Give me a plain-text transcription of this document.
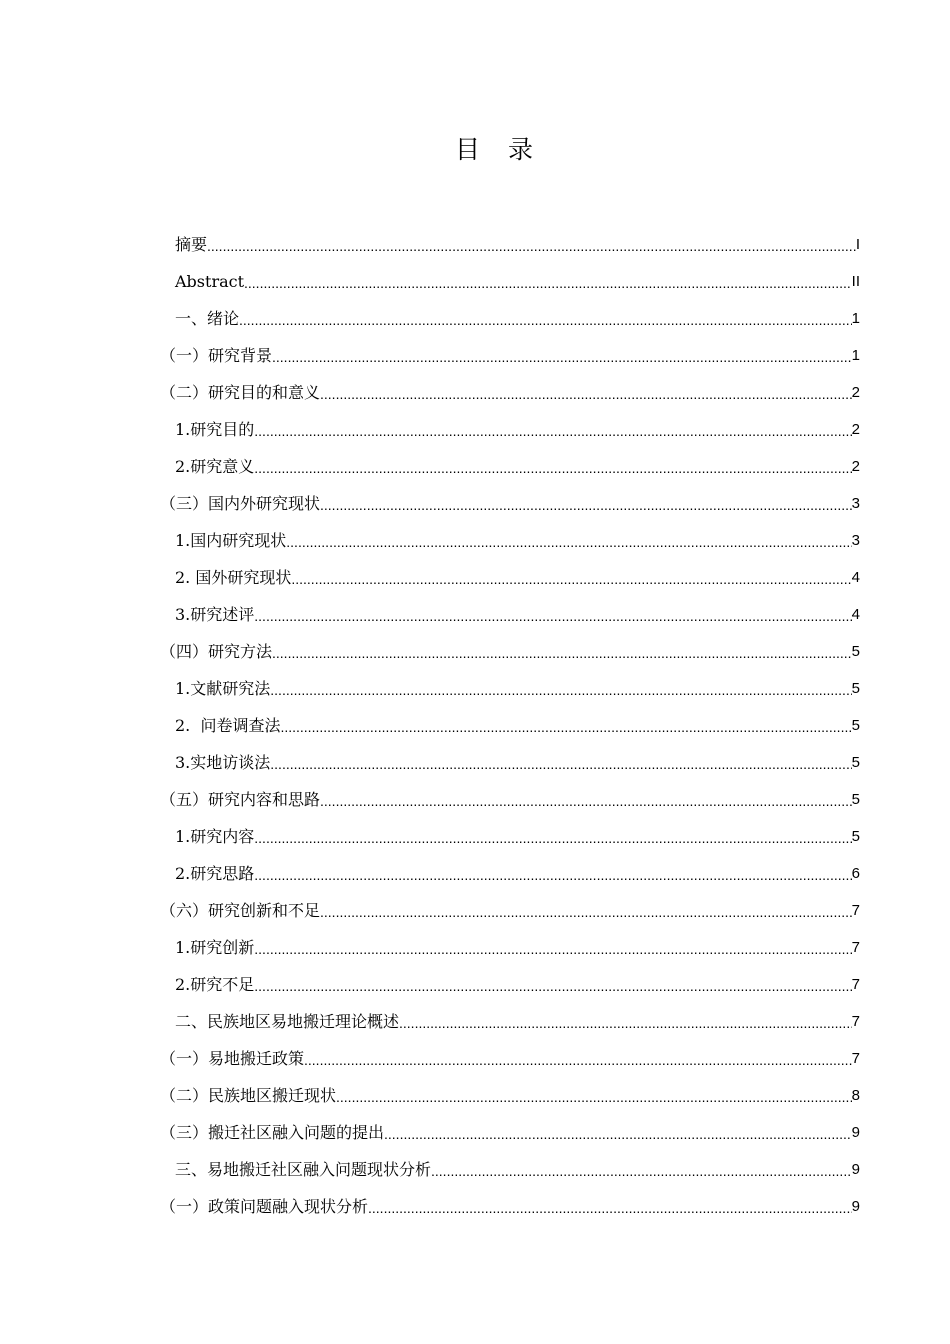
目 录
摘要 .....	I
Abstract .....	II
一、绪论 .....	1
（一）研究背景 .....	1
（二）研究目的和意义 .....	2
1.研究目的 .....	2
2.研究意义 .....	2
（三）国内外研究现状 .....	3
1.国内研究现状 .....	3
2. 国外研究现状 .....	4
3.研究述评 .....	4
（四）研究方法 .....	5
1.文献研究法 .....	5
2.  问卷调查法 .....	5
3.实地访谈法 .....	5
（五）研究内容和思路 .....	5
1.研究内容 .....	5
2.研究思路 .....	6
（六）研究创新和不足 .....	7
1.研究创新 .....	7
2.研究不足 .....	7
二、民族地区易地搬迁理论概述 .....	7
（一）易地搬迁政策 .....	7
（二）民族地区搬迁现状 .....	8
（三）搬迁社区融入问题的提出 .....	9
三、易地搬迁社区融入问题现状分析 .....	9
（一）政策问题融入现状分析 .....	9
